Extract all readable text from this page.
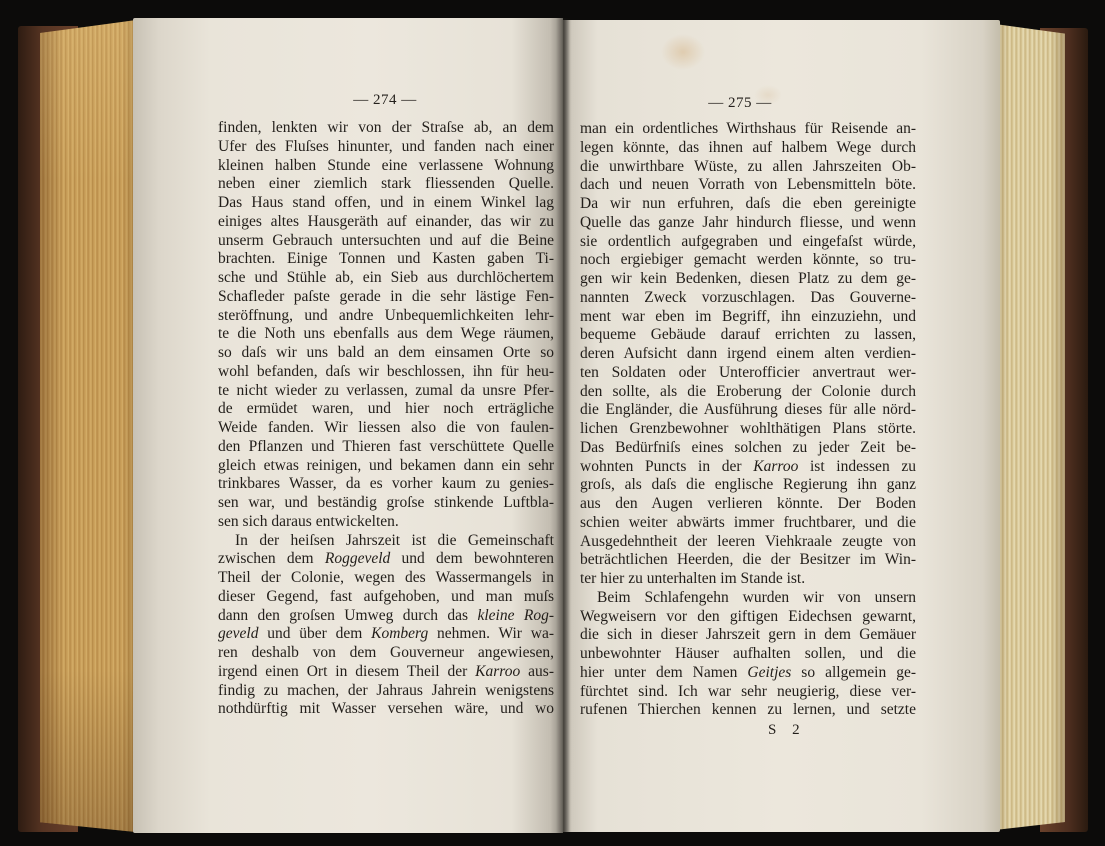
— 274 —
finden, lenkten wir von der Straſse ab, an dem
Ufer des Fluſses hinunter, und fanden nach einer
kleinen halben Stunde eine verlassene Wohnung
neben einer ziemlich stark fliessenden Quelle.
Das Haus stand offen, und in einem Winkel lag
einiges altes Hausgeräth auf einander, das wir zu
unserm Gebrauch untersuchten und auf die Beine
brachten. Einige Tonnen und Kasten gaben Ti-
sche und Stühle ab, ein Sieb aus durchlöchertem
Schafleder paſste gerade in die sehr lästige Fen-
steröffnung, und andre Unbequemlichkeiten lehr-
te die Noth uns ebenfalls aus dem Wege räumen,
so daſs wir uns bald an dem einsamen Orte so
wohl befanden, daſs wir beschlossen, ihn für heu-
te nicht wieder zu verlassen, zumal da unsre Pfer-
de ermüdet waren, und hier noch erträgliche
Weide fanden. Wir liessen also die von faulen-
den Pflanzen und Thieren fast verschüttete Quelle
gleich etwas reinigen, und bekamen dann ein sehr
trinkbares Wasser, da es vorher kaum zu genies-
sen war, und beständig groſse stinkende Luftbla-
sen sich daraus entwickelten.
In der heiſsen Jahrszeit ist die Gemeinschaft
zwischen dem Roggeveld und dem bewohnteren
Theil der Colonie, wegen des Wassermangels in
dieser Gegend, fast aufgehoben, und man muſs
dann den groſsen Umweg durch das kleine Rog-
geveld und über dem Komberg nehmen. Wir wa-
ren deshalb von dem Gouverneur angewiesen,
irgend einen Ort in diesem Theil der Karroo aus-
findig zu machen, der Jahraus Jahrein wenigstens
nothdürftig mit Wasser versehen wäre, und wo
— 275 —
man ein ordentliches Wirthshaus für Reisende an-
legen könnte, das ihnen auf halbem Wege durch
die unwirthbare Wüste, zu allen Jahrszeiten Ob-
dach und neuen Vorrath von Lebensmitteln böte.
Da wir nun erfuhren, daſs die eben gereinigte
Quelle das ganze Jahr hindurch fliesse, und wenn
sie ordentlich aufgegraben und eingefaſst würde,
noch ergiebiger gemacht werden könnte, so tru-
gen wir kein Bedenken, diesen Platz zu dem ge-
nannten Zweck vorzuschlagen. Das Gouverne-
ment war eben im Begriff, ihn einzuziehn, und
bequeme Gebäude darauf errichten zu lassen,
deren Aufsicht dann irgend einem alten verdien-
ten Soldaten oder Unterofficier anvertraut wer-
den sollte, als die Eroberung der Colonie durch
die Engländer, die Ausführung dieses für alle nörd-
lichen Grenzbewohner wohlthätigen Plans störte.
Das Bedürfniſs eines solchen zu jeder Zeit be-
wohnten Puncts in der Karroo ist indessen zu
groſs, als daſs die englische Regierung ihn ganz
aus den Augen verlieren könnte. Der Boden
schien weiter abwärts immer fruchtbarer, und die
Ausgedehntheit der leeren Viehkraale zeugte von
beträchtlichen Heerden, die der Besitzer im Win-
ter hier zu unterhalten im Stande ist.
Beim Schlafengehn wurden wir von unsern
Wegweisern vor den giftigen Eidechsen gewarnt,
die sich in dieser Jahrszeit gern in dem Gemäuer
unbewohnter Häuser aufhalten sollen, und die
hier unter dem Namen Geitjes so allgemein ge-
fürchtet sind. Ich war sehr neugierig, diese ver-
rufenen Thierchen kennen zu lernen, und setzte
S 2
